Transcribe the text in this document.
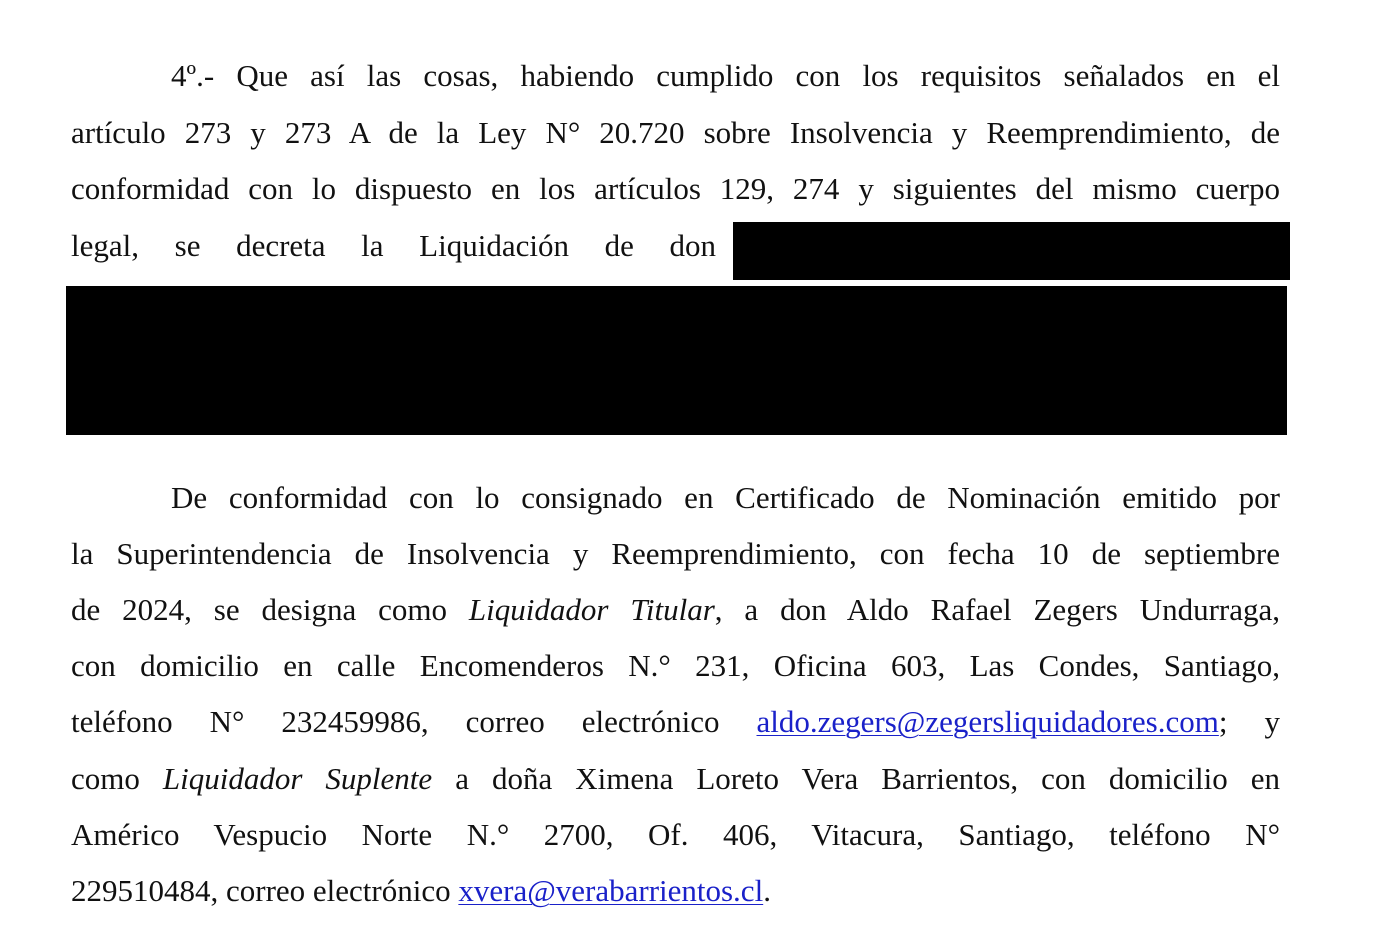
4º.- Que así las cosas, habiendo cumplido con los requisitos señalados en el
artículo 273 y 273 A de la Ley N° 20.720 sobre Insolvencia y Reemprendimiento, de
conformidad con lo dispuesto en los artículos 129, 274 y siguientes del mismo cuerpo
legal, se decreta la Liquidación de don
De conformidad con lo consignado en Certificado de Nominación emitido por
la Superintendencia de Insolvencia y Reemprendimiento, con fecha 10 de septiembre
de 2024, se designa como Liquidador Titular, a don Aldo Rafael Zegers Undurraga,
con domicilio en calle Encomenderos N.° 231, Oficina 603, Las Condes, Santiago,
teléfono N° 232459986, correo electrónico aldo.zegers@zegersliquidadores.com; y
como Liquidador Suplente a doña Ximena Loreto Vera Barrientos, con domicilio en
Américo Vespucio Norte N.° 2700, Of. 406, Vitacura, Santiago, teléfono N°
229510484, correo electrónico xvera@verabarrientos.cl.
